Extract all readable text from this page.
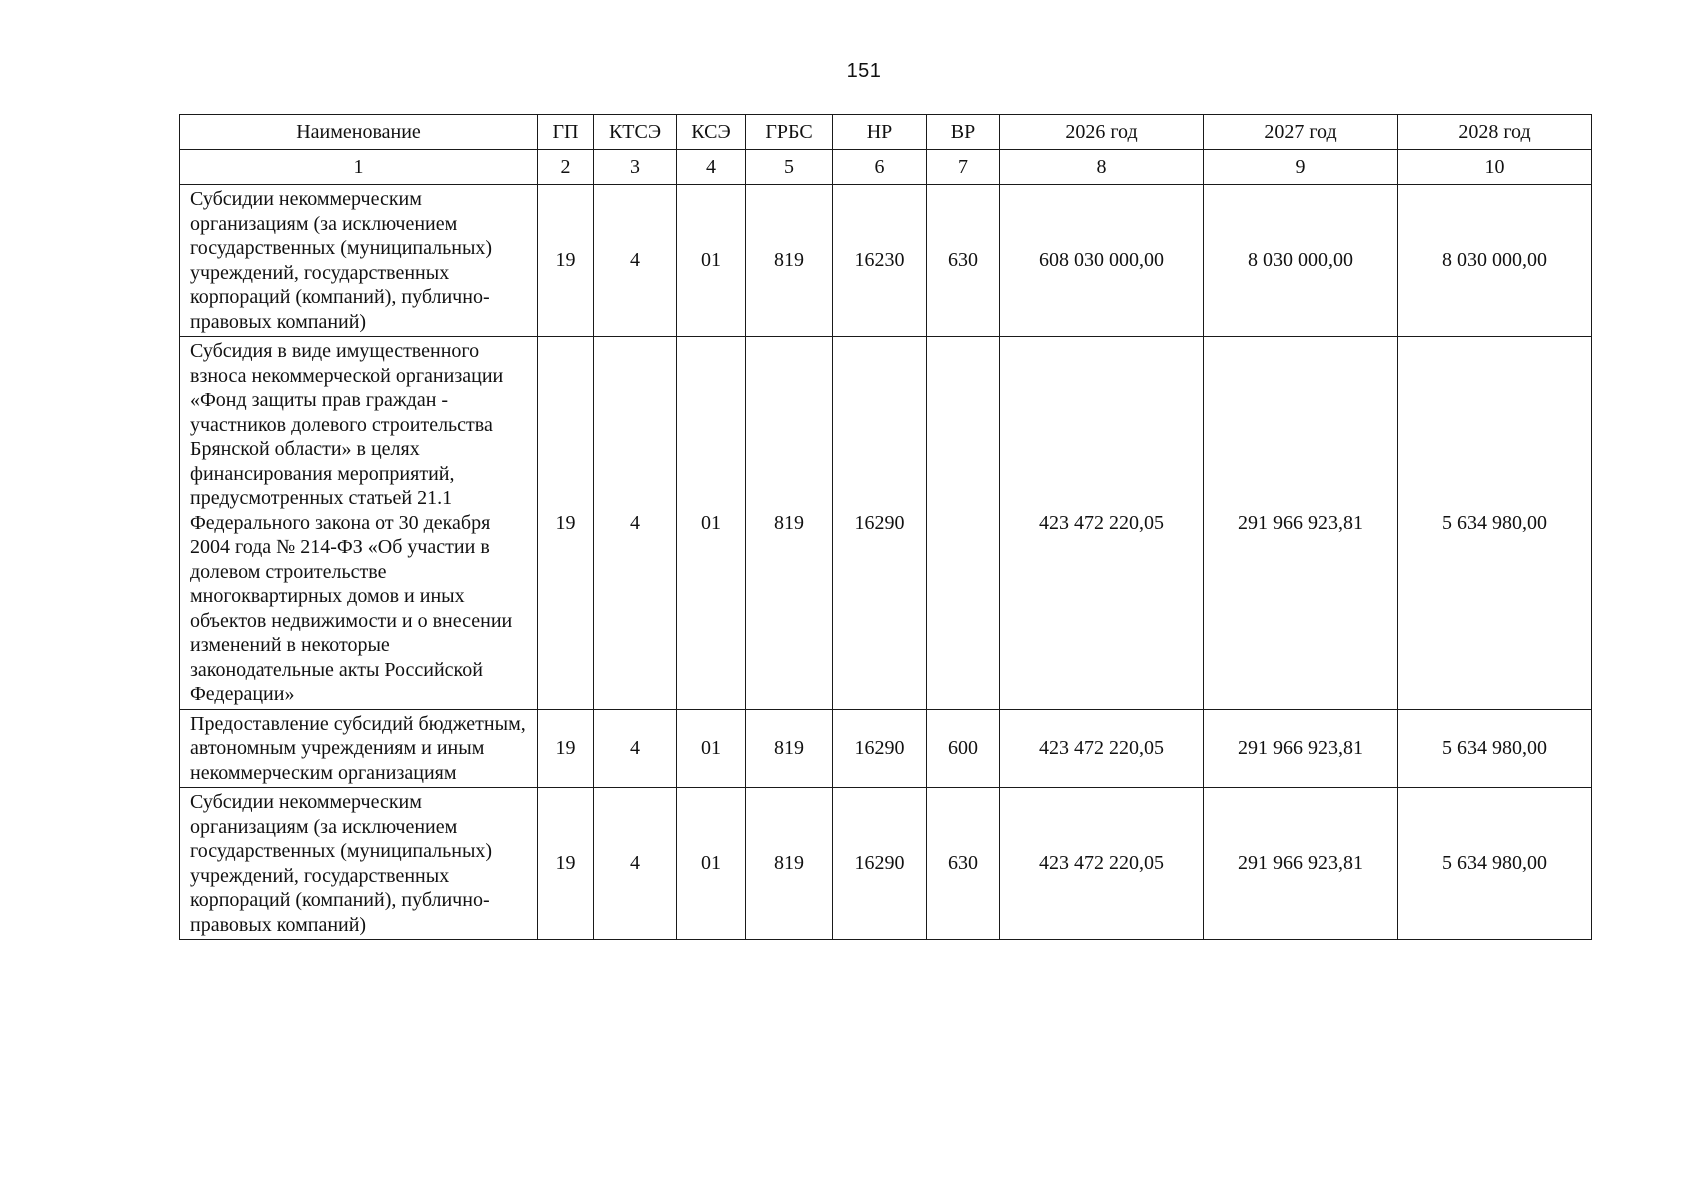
151
Наименование	ГП	КТСЭ	КСЭ	ГРБС	НР	ВР	2026 год	2027 год	2028 год
1	2	3	4	5	6	7	8	9	10
Субсидии некоммерческим организациям (за исключением государственных (муниципальных) учреждений, государственных корпораций (компаний), публично-правовых компаний)	19	4	01	819	16230	630	608 030 000,00	8 030 000,00	8 030 000,00
Субсидия в виде имущественного взноса некоммерческой организации «Фонд защиты прав граждан - участников долевого строительства Брянской области» в целях финансирования мероприятий, предусмотренных статьей 21.1 Федерального закона от 30 декабря 2004 года № 214-ФЗ «Об участии в долевом строительстве многоквартирных домов и иных объектов недвижимости и о внесении изменений в некоторые законодательные акты Российской Федерации»	19	4	01	819	16290		423 472 220,05	291 966 923,81	5 634 980,00
Предоставление субсидий бюджетным, автономным учреждениям и иным некоммерческим организациям	19	4	01	819	16290	600	423 472 220,05	291 966 923,81	5 634 980,00
Субсидии некоммерческим организациям (за исключением государственных (муниципальных) учреждений, государственных корпораций (компаний), публично-правовых компаний)	19	4	01	819	16290	630	423 472 220,05	291 966 923,81	5 634 980,00
